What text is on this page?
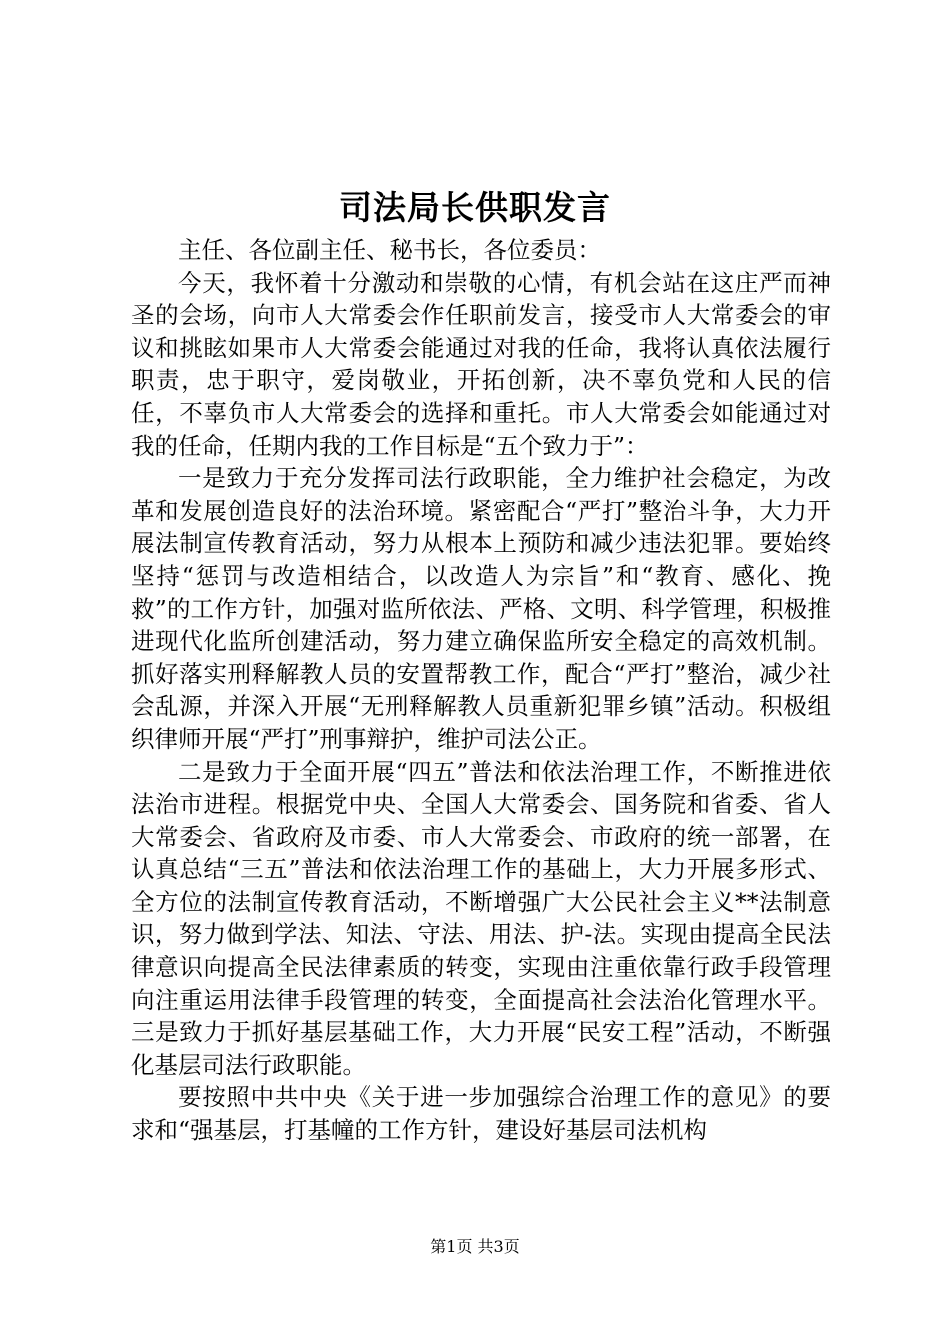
司法局长供职发言

主任、各位副主任、秘书长，各位委员：

今天，我怀着十分激动和崇敬的心情，有机会站在这庄严而神圣的会场，向市人大常委会作任职前发言，接受市人大常委会的审议和挑眩如果市人大常委会能通过对我的任命，我将认真依法履行职责，忠于职守，爱岗敬业，开拓创新，决不辜负党和人民的信任，不辜负市人大常委会的选择和重托。市人大常委会如能通过对我的任命，任期内我的工作目标是“五个致力于”：

一是致力于充分发挥司法行政职能，全力维护社会稳定，为改革和发展创造良好的法治环境。紧密配合“严打”整治斗争，大力开展法制宣传教育活动，努力从根本上预防和减少违法犯罪。要始终坚持“惩罚与改造相结合，以改造人为宗旨”和“教育、感化、挽救”的工作方针，加强对监所依法、严格、文明、科学管理，积极推进现代化监所创建活动，努力建立确保监所安全稳定的高效机制。抓好落实刑释解教人员的安置帮教工作，配合“严打”整治，减少社会乱源，并深入开展“无刑释解教人员重新犯罪乡镇”活动。积极组织律师开展“严打”刑事辩护，维护司法公正。

二是致力于全面开展“四五”普法和依法治理工作，不断推进依法治市进程。根据党中央、全国人大常委会、国务院和省委、省人大常委会、省政府及市委、市人大常委会、市政府的统一部署，在认真总结“三五”普法和依法治理工作的基础上，大力开展多形式、全方位的法制宣传教育活动，不断增强广大公民社会主义**法制意识，努力做到学法、知法、守法、用法、护-法。实现由提高全民法律意识向提高全民法律素质的转变，实现由注重依靠行政手段管理向注重运用法律手段管理的转变，全面提高社会法治化管理水平。三是致力于抓好基层基础工作，大力开展“民安工程”活动，不断强化基层司法行政职能。

要按照中共中央《关于进一步加强综合治理工作的意见》的要求和“强基层，打基幢的工作方针，建设好基层司法机构

第1页 共3页
